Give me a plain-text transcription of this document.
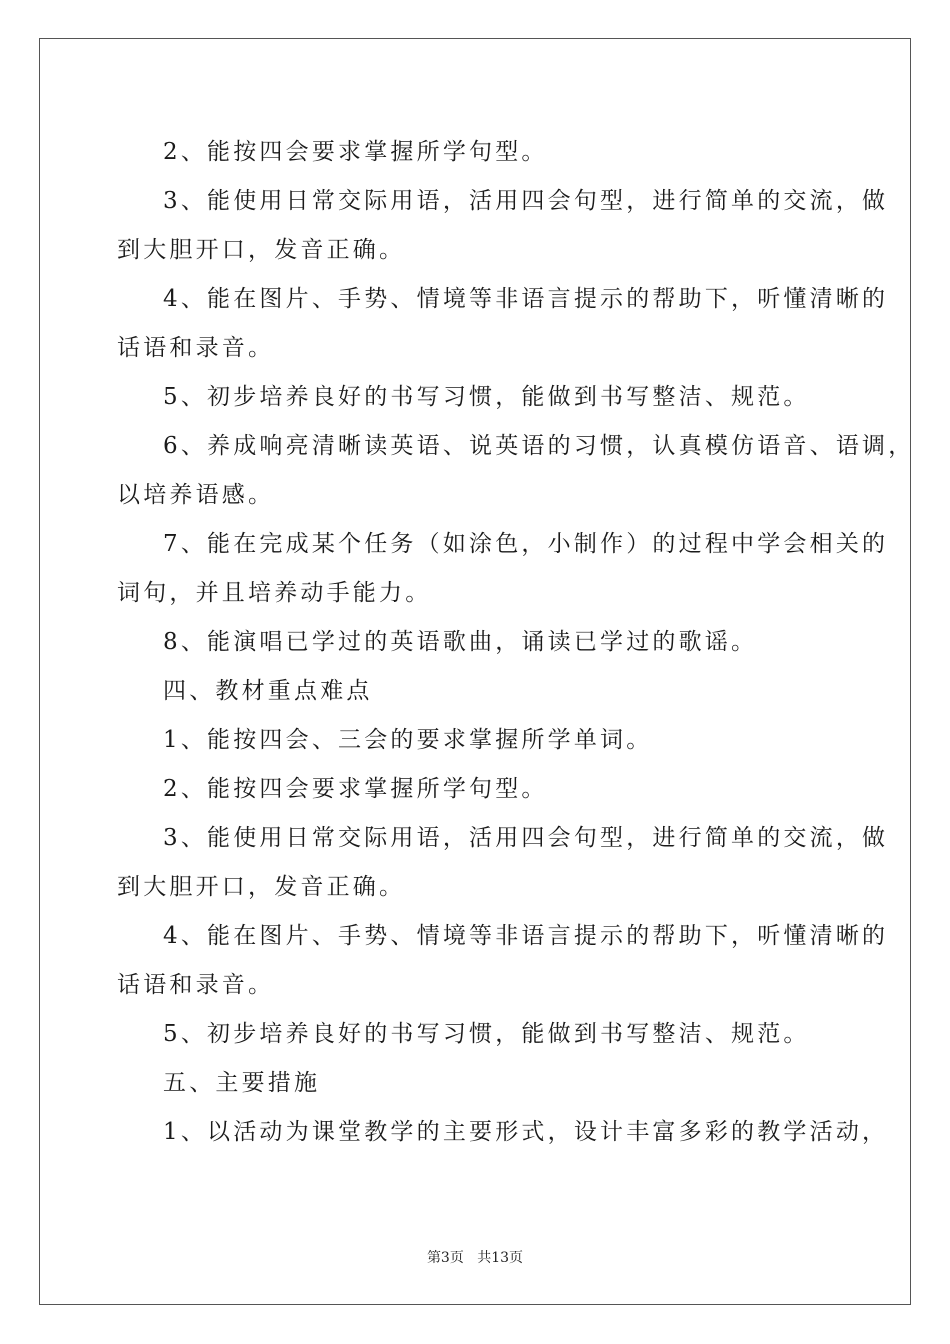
2、能按四会要求掌握所学句型。
3、能使用日常交际用语，活用四会句型，进行简单的交流，做
到大胆开口，发音正确。
4、能在图片、手势、情境等非语言提示的帮助下，听懂清晰的
话语和录音。
5、初步培养良好的书写习惯，能做到书写整洁、规范。
6、养成响亮清晰读英语、说英语的习惯，认真模仿语音、语调，
以培养语感。
7、能在完成某个任务（如涂色，小制作）的过程中学会相关的
词句，并且培养动手能力。
8、能演唱已学过的英语歌曲，诵读已学过的歌谣。
四、教材重点难点
1、能按四会、三会的要求掌握所学单词。
2、能按四会要求掌握所学句型。
3、能使用日常交际用语，活用四会句型，进行简单的交流，做
到大胆开口，发音正确。
4、能在图片、手势、情境等非语言提示的帮助下，听懂清晰的
话语和录音。
5、初步培养良好的书写习惯，能做到书写整洁、规范。
五、主要措施
1、以活动为课堂教学的主要形式，设计丰富多彩的教学活动，
第3页 共13页
